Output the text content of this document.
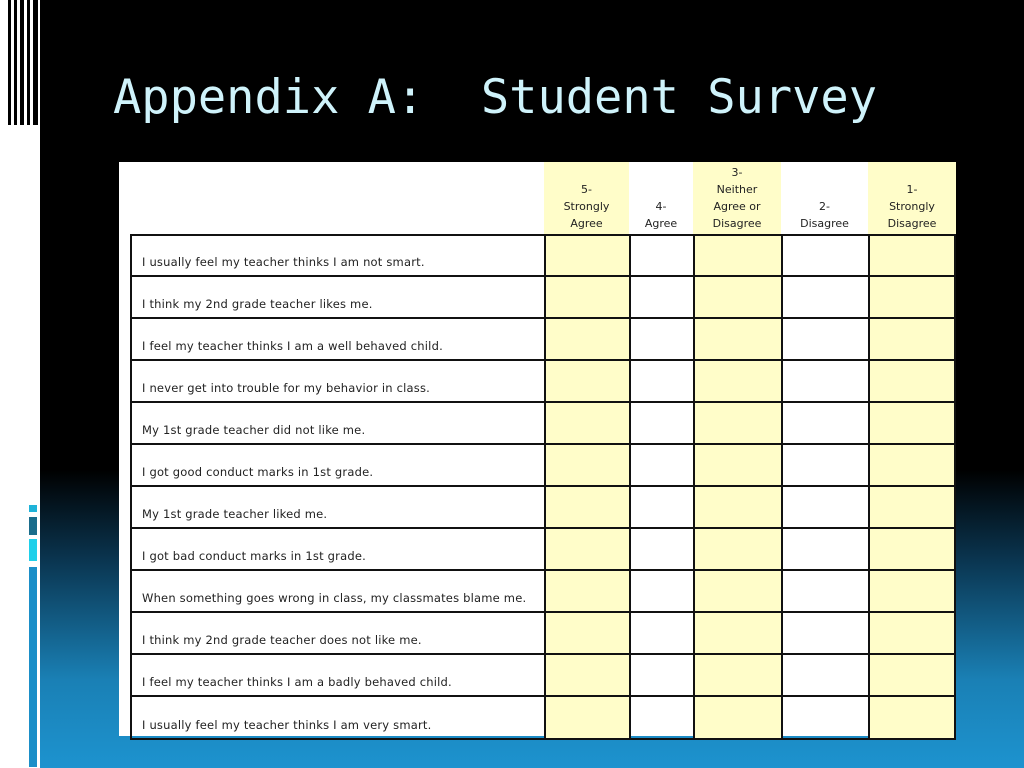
Appendix A:  Student Survey
5-
Strongly
Agree
4-
Agree
3-
Neither
Agree or
Disagree
2-
Disagree
1-
Strongly
Disagree
I usually feel my teacher thinks I am not smart.
I think my 2nd grade teacher likes me.
I feel my teacher thinks I am a well behaved child.
I never get into trouble for my behavior in class.
My 1st grade teacher did not like me.
I got good conduct marks in 1st grade.
My 1st grade teacher liked me.
I got bad conduct marks in 1st grade.
When something goes wrong in class, my classmates blame me.
I think my 2nd grade teacher does not like me.
I feel my teacher thinks I am a badly behaved child.
I usually feel my teacher thinks I am very smart.
